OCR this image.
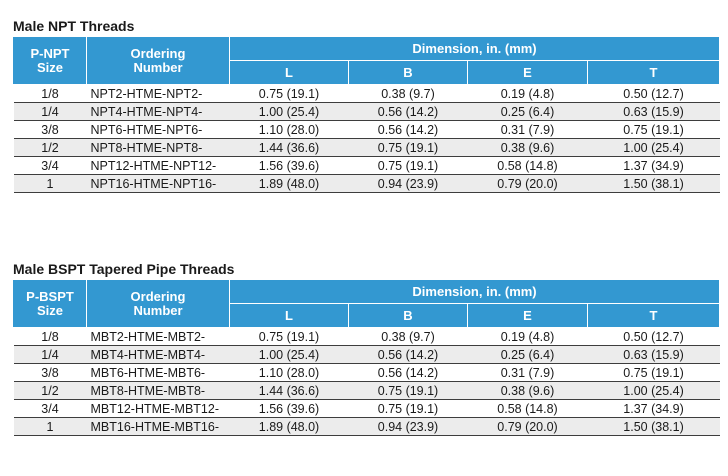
Male NPT Threads
P-NPT
Size	Ordering
Number	Dimension, in. (mm)			
		L	B	E	T
1/8	NPT2-HTME-NPT2-	0.75 (19.1)	0.38 (9.7)	0.19 (4.8)	0.50 (12.7)
1/4	NPT4-HTME-NPT4-	1.00 (25.4)	0.56 (14.2)	0.25 (6.4)	0.63 (15.9)
3/8	NPT6-HTME-NPT6-	1.10 (28.0)	0.56 (14.2)	0.31 (7.9)	0.75 (19.1)
1/2	NPT8-HTME-NPT8-	1.44 (36.6)	0.75 (19.1)	0.38 (9.6)	1.00 (25.4)
3/4	NPT12-HTME-NPT12-	1.56 (39.6)	0.75 (19.1)	0.58 (14.8)	1.37 (34.9)
1	NPT16-HTME-NPT16-	1.89 (48.0)	0.94 (23.9)	0.79 (20.0)	1.50 (38.1)
Male BSPT Tapered Pipe Threads
P-BSPT
Size	Ordering
Number	Dimension, in. (mm)			
		L	B	E	T
1/8	MBT2-HTME-MBT2-	0.75 (19.1)	0.38 (9.7)	0.19 (4.8)	0.50 (12.7)
1/4	MBT4-HTME-MBT4-	1.00 (25.4)	0.56 (14.2)	0.25 (6.4)	0.63 (15.9)
3/8	MBT6-HTME-MBT6-	1.10 (28.0)	0.56 (14.2)	0.31 (7.9)	0.75 (19.1)
1/2	MBT8-HTME-MBT8-	1.44 (36.6)	0.75 (19.1)	0.38 (9.6)	1.00 (25.4)
3/4	MBT12-HTME-MBT12-	1.56 (39.6)	0.75 (19.1)	0.58 (14.8)	1.37 (34.9)
1	MBT16-HTME-MBT16-	1.89 (48.0)	0.94 (23.9)	0.79 (20.0)	1.50 (38.1)
